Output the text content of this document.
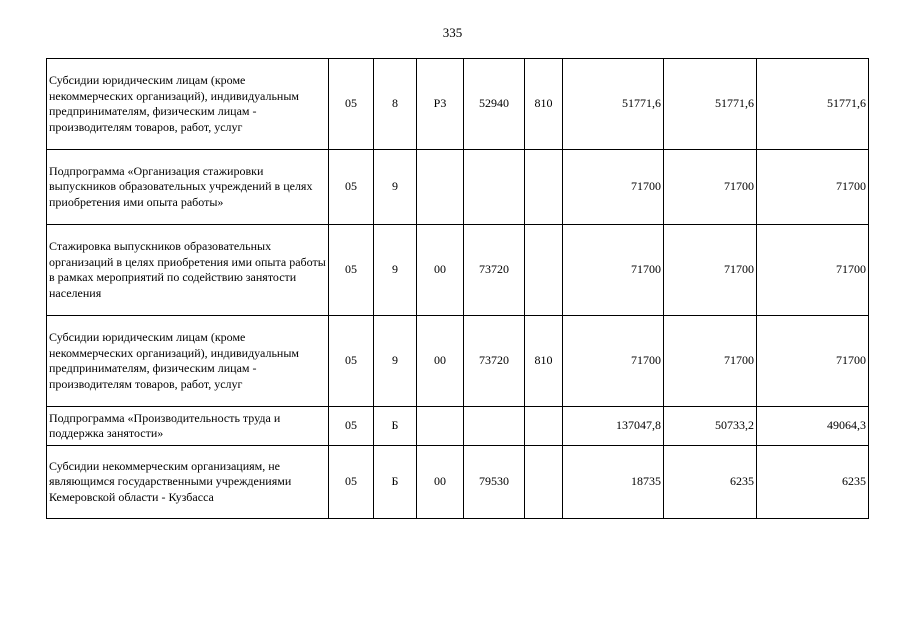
335
Субсидии юридическим лицам (кроме некоммерческих организаций), индивидуальным предпринимателям, физическим лицам - производителям товаров, работ, услуг	05	8	Р3	52940	810	51771,6	51771,6	51771,6
Подпрограмма «Организация стажировки выпускников образовательных учреждений в целях приобретения ими опыта работы»	05	9				71700	71700	71700
Стажировка выпускников образовательных организаций в целях приобретения ими опыта работы в рамках мероприятий по содействию занятости населения	05	9	00	73720		71700	71700	71700
Субсидии юридическим лицам (кроме некоммерческих организаций), индивидуальным предпринимателям, физическим лицам - производителям товаров, работ, услуг	05	9	00	73720	810	71700	71700	71700
Подпрограмма «Производительность труда и поддержка занятости»	05	Б				137047,8	50733,2	49064,3
Субсидии некоммерческим организациям, не являющимся государственными учреждениями Кемеровской области - Кузбасса	05	Б	00	79530		18735	6235	6235
